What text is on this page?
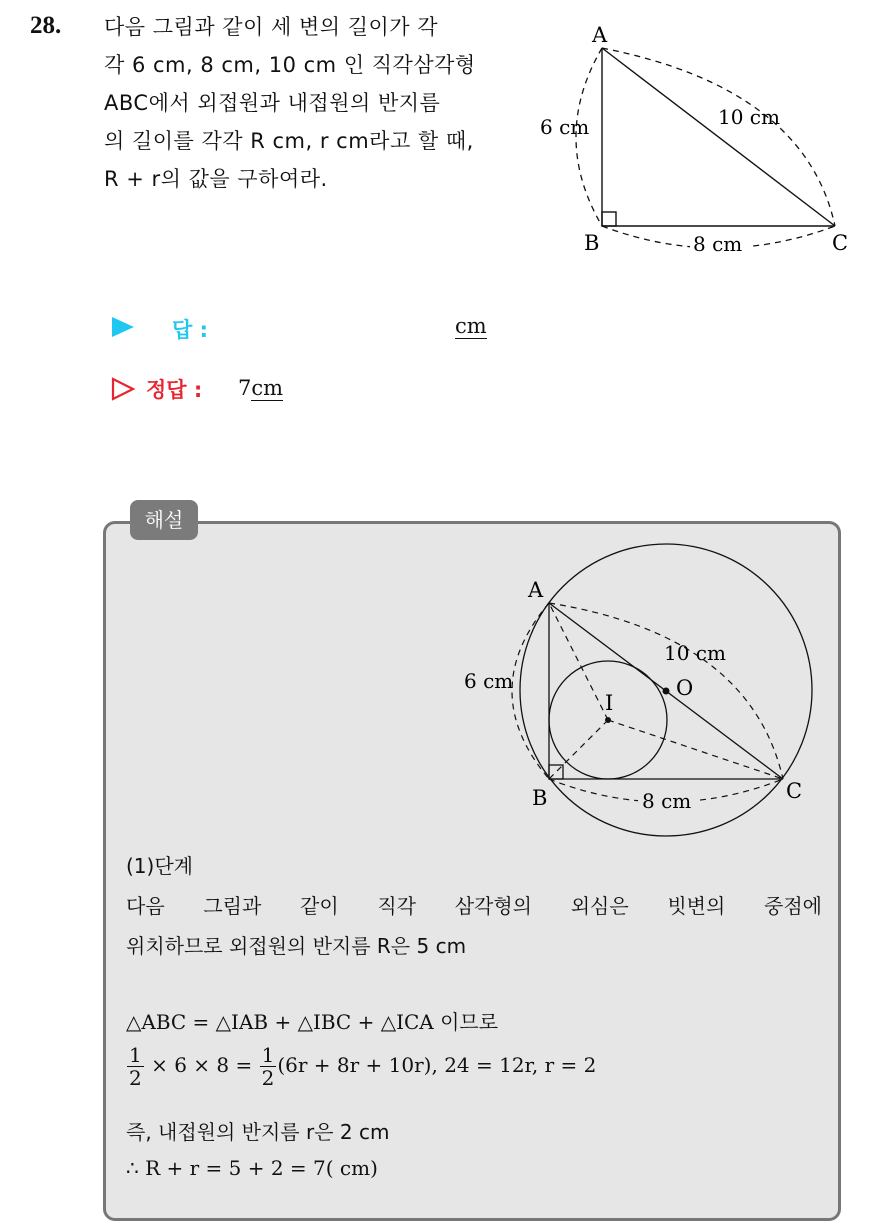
28. 다음 그림과 같이 세 변의 길이가 각
각 6 cm, 8 cm, 10 cm 인 직각삼각형
ABC에서 외접원과 내접원의 반지름
의 길이를 각각 R cm, r cm라고 할 때,
R + r의 값을 구하여라.
A
B	C
6 cm	10 cm
8 cm
답 :	cm
정답 : 7cm
해설
A
B	C
I
O
6 cm
10 cm
8 cm
(1)단계
다음 그림과 같이 직각 삼각형의 외심은 빗변의 중점에
위치하므로 외접원의 반지름 R은 5 cm
△ABC = △IAB + △IBC + △ICA 이므로
$\frac{1}{2} \times 6 \times 8 = \frac{1}{2} (6r + 8r + 10r)$, 24 = 12r, r = 2
즉, 내접원의 반지름 r은 2 cm
∴ R + r = 5 + 2 = 7( cm)
